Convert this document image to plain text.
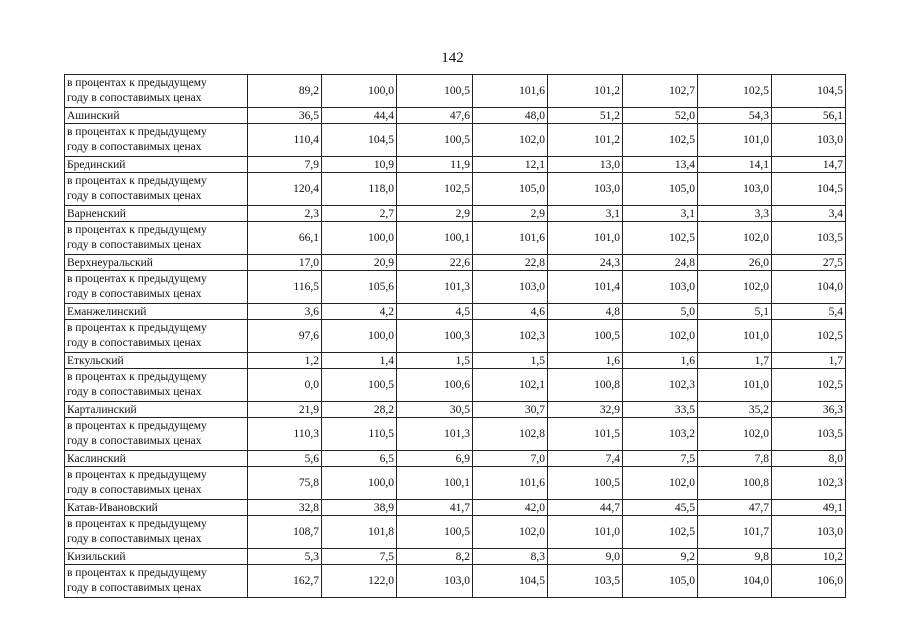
142
в процентах к предыдущему
году в сопоставимых ценах	89,2	100,0	100,5	101,6	101,2	102,7	102,5	104,5
Ашинский	36,5	44,4	47,6	48,0	51,2	52,0	54,3	56,1

в процентах к предыдущему
году в сопоставимых ценах	110,4	104,5	100,5	102,0	101,2	102,5	101,0	103,0
Брединский	7,9	10,9	11,9	12,1	13,0	13,4	14,1	14,7

в процентах к предыдущему
году в сопоставимых ценах	120,4	118,0	102,5	105,0	103,0	105,0	103,0	104,5
Варненский	2,3	2,7	2,9	2,9	3,1	3,1	3,3	3,4

в процентах к предыдущему
году в сопоставимых ценах	66,1	100,0	100,1	101,6	101,0	102,5	102,0	103,5
Верхнеуральский	17,0	20,9	22,6	22,8	24,3	24,8	26,0	27,5

в процентах к предыдущему
году в сопоставимых ценах	116,5	105,6	101,3	103,0	101,4	103,0	102,0	104,0
Еманжелинский	3,6	4,2	4,5	4,6	4,8	5,0	5,1	5,4

в процентах к предыдущему
году в сопоставимых ценах	97,6	100,0	100,3	102,3	100,5	102,0	101,0	102,5
Еткульский	1,2	1,4	1,5	1,5	1,6	1,6	1,7	1,7

в процентах к предыдущему
году в сопоставимых ценах	0,0	100,5	100,6	102,1	100,8	102,3	101,0	102,5
Карталинский	21,9	28,2	30,5	30,7	32,9	33,5	35,2	36,3

в процентах к предыдущему
году в сопоставимых ценах	110,3	110,5	101,3	102,8	101,5	103,2	102,0	103,5
Каслинский	5,6	6,5	6,9	7,0	7,4	7,5	7,8	8,0

в процентах к предыдущему
году в сопоставимых ценах	75,8	100,0	100,1	101,6	100,5	102,0	100,8	102,3
Катав-Ивановский	32,8	38,9	41,7	42,0	44,7	45,5	47,7	49,1

в процентах к предыдущему
году в сопоставимых ценах	108,7	101,8	100,5	102,0	101,0	102,5	101,7	103,0
Кизильский	5,3	7,5	8,2	8,3	9,0	9,2	9,8	10,2

в процентах к предыдущему
году в сопоставимых ценах	162,7	122,0	103,0	104,5	103,5	105,0	104,0	106,0
